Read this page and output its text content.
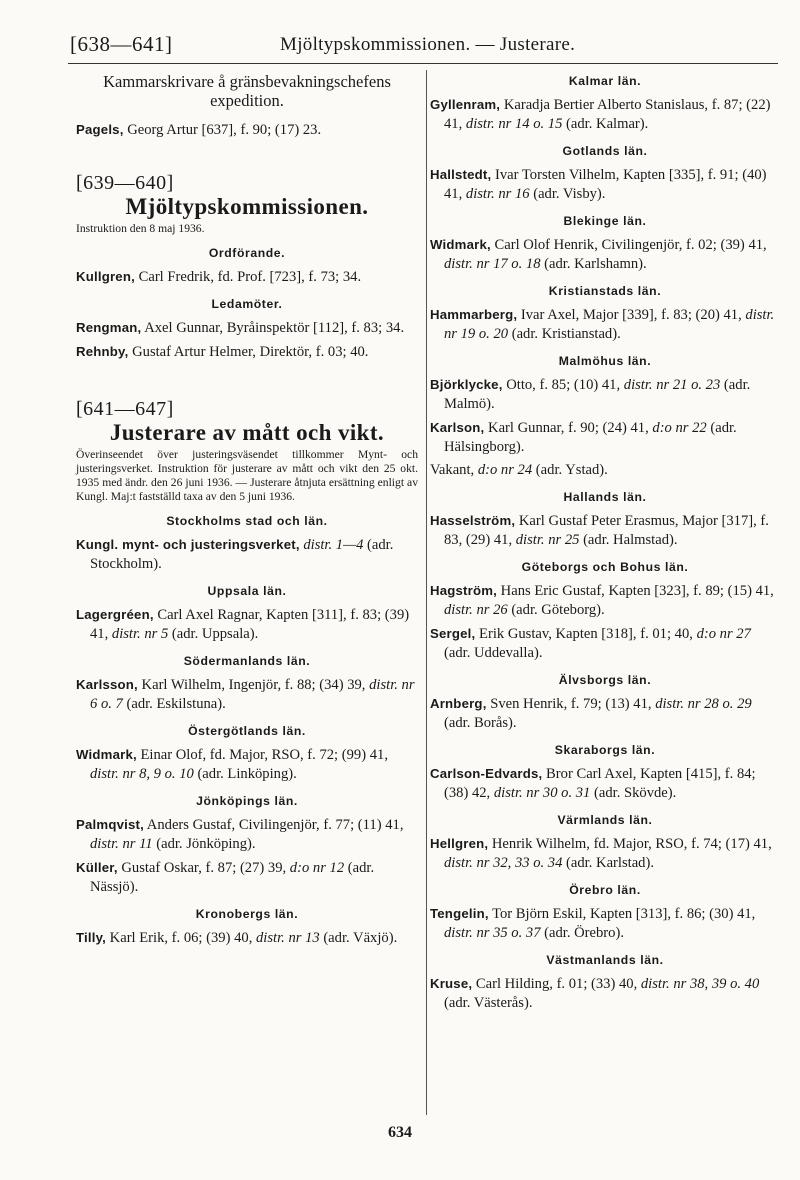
[638—641]	Mjöltypskommissionen. — Justerare.
Kammarskrivare å gränsbevakningschefens expedition.

Pagels, Georg Artur [637], f. 90; (17) 23.

[639—640]
Mjöltypskommissionen.
Instruktion den 8 maj 1936.
Ordförande.

Kullgren, Carl Fredrik, fd. Prof. [723], f. 73; 34.

Ledamöter.

Rengman, Axel Gunnar, Byråinspektör [112], f. 83; 34.

Rehnby, Gustaf Artur Helmer, Direktör, f. 03; 40.

[641—647]
Justerare av mått och vikt.
Överinseendet över justeringsväsendet tillkommer Mynt- och justeringsverket. Instruktion för justerare av mått och vikt den 25 okt. 1935 med ändr. den 26 juni 1936. — Justerare åtnjuta ersättning enligt av Kungl. Maj:t fastställd taxa av den 5 juni 1936.
Stockholms stad och län.

Kungl. mynt- och justeringsverket, distr. 1—4 (adr. Stockholm).

Uppsala län.

Lagergréen, Carl Axel Ragnar, Kapten [311], f. 83; (39) 41, distr. nr 5 (adr. Uppsala).

Södermanlands län.

Karlsson, Karl Wilhelm, Ingenjör, f. 88; (34) 39, distr. nr 6 o. 7 (adr. Eskilstuna).

Östergötlands län.

Widmark, Einar Olof, fd. Major, RSO, f. 72; (99) 41, distr. nr 8, 9 o. 10 (adr. Linköping).

Jönköpings län.

Palmqvist, Anders Gustaf, Civilingenjör, f. 77; (11) 41, distr. nr 11 (adr. Jönköping).

Küller, Gustaf Oskar, f. 87; (27) 39, d:o nr 12 (adr. Nässjö).

Kronobergs län.

Tilly, Karl Erik, f. 06; (39) 40, distr. nr 13 (adr. Växjö).

Kalmar län.

Gyllenram, Karadja Bertier Alberto Stanislaus, f. 87; (22) 41, distr. nr 14 o. 15 (adr. Kalmar).

Gotlands län.

Hallstedt, Ivar Torsten Vilhelm, Kapten [335], f. 91; (40) 41, distr. nr 16 (adr. Visby).

Blekinge län.

Widmark, Carl Olof Henrik, Civilingenjör, f. 02; (39) 41, distr. nr 17 o. 18 (adr. Karlshamn).

Kristianstads län.

Hammarberg, Ivar Axel, Major [339], f. 83; (20) 41, distr. nr 19 o. 20 (adr. Kristianstad).

Malmöhus län.

Björklycke, Otto, f. 85; (10) 41, distr. nr 21 o. 23 (adr. Malmö).

Karlson, Karl Gunnar, f. 90; (24) 41, d:o nr 22 (adr. Hälsingborg).

Vakant, d:o nr 24 (adr. Ystad).

Hallands län.

Hasselström, Karl Gustaf Peter Erasmus, Major [317], f. 83, (29) 41, distr. nr 25 (adr. Halmstad).

Göteborgs och Bohus län.

Hagström, Hans Eric Gustaf, Kapten [323], f. 89; (15) 41, distr. nr 26 (adr. Göteborg).

Sergel, Erik Gustav, Kapten [318], f. 01; 40, d:o nr 27 (adr. Uddevalla).

Älvsborgs län.

Arnberg, Sven Henrik, f. 79; (13) 41, distr. nr 28 o. 29 (adr. Borås).

Skaraborgs län.

Carlson-Edvards, Bror Carl Axel, Kapten [415], f. 84; (38) 42, distr. nr 30 o. 31 (adr. Skövde).

Värmlands län.

Hellgren, Henrik Wilhelm, fd. Major, RSO, f. 74; (17) 41, distr. nr 32, 33 o. 34 (adr. Karlstad).

Örebro län.

Tengelin, Tor Björn Eskil, Kapten [313], f. 86; (30) 41, distr. nr 35 o. 37 (adr. Örebro).

Västmanlands län.

Kruse, Carl Hilding, f. 01; (33) 40, distr. nr 38, 39 o. 40 (adr. Västerås).

634
